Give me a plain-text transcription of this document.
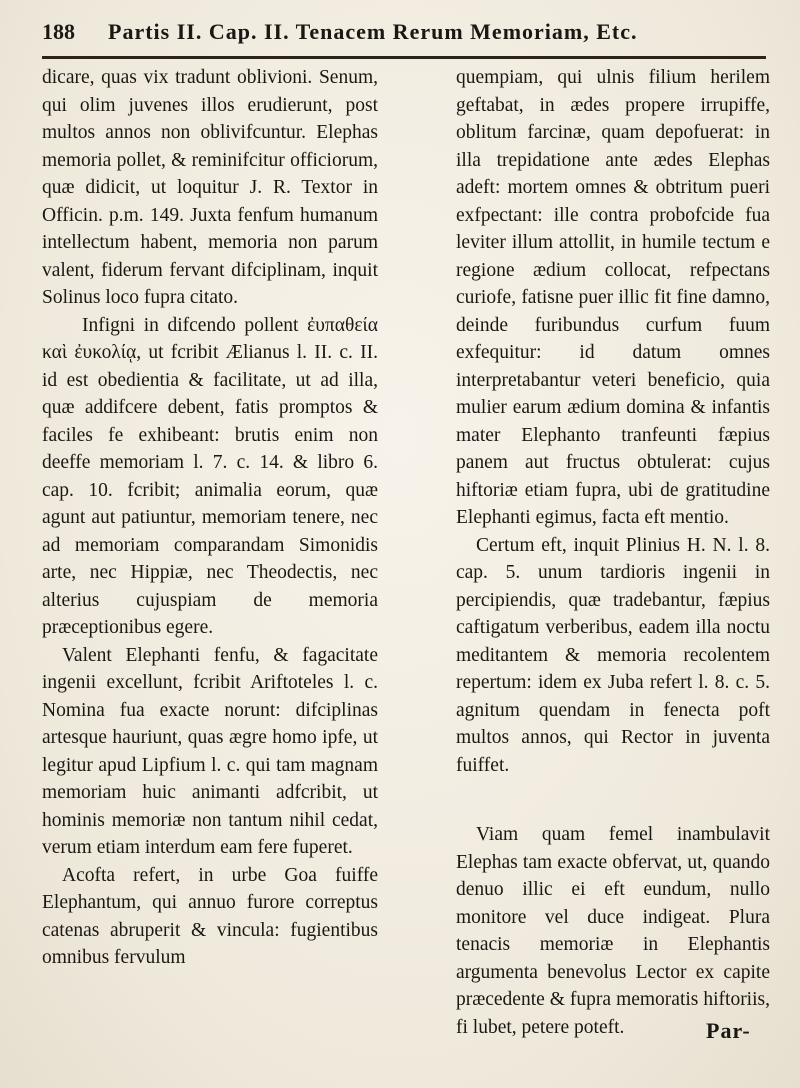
188	Partis II. Cap. II. Tenacem Rerum Memoriam, Etc.

dicare, quas vix tradunt oblivioni. Senum, qui olim juvenes illos erudierunt, post multos annos non oblivifcuntur. Elephas memoria pollet, & reminifcitur officiorum, quæ didicit, ut loquitur J. R. Textor in Officin. p.m. 149. Juxta fenfum humanum intellectum habent, memoria non parum valent, fiderum fervant difciplinam, inquit Solinus loco fupra citato.

Infigni in difcendo pollent ἐυπαθεία καὶ ἐυκολίᾳ, ut fcribit Ælianus l. II. c. II. id est obedientia & facilitate, ut ad illa, quæ addifcere debent, fatis promptos & faciles fe exhibeant: brutis enim non deeffe memoriam l. 7. c. 14. & libro 6. cap. 10. fcribit; animalia eorum, quæ agunt aut patiuntur, memoriam tenere, nec ad memoriam comparandam Simonidis arte, nec Hippiæ, nec Theodectis, nec alterius cujuspiam de memoria præceptionibus egere.

Valent Elephanti fenfu, & fagacitate ingenii excellunt, fcribit Ariftoteles l. c. Nomina fua exacte norunt: difciplinas artesque hauriunt, quas ægre homo ipfe, ut legitur apud Lipfium l. c. qui tam magnam memoriam huic animanti adfcribit, ut hominis memoriæ non tantum nihil cedat, verum etiam interdum eam fere fuperet.

Acofta refert, in urbe Goa fuiffe Elephantum, qui annuo furore correptus catenas abruperit & vincula: fugientibus omnibus fervulum

quempiam, qui ulnis filium herilem geftabat, in ædes propere irrupiffe, oblitum farcinæ, quam depofuerat: in illa trepidatione ante ædes Elephas adeft: mortem omnes & obtritum pueri exfpectant: ille contra probofcide fua leviter illum attollit, in humile tectum e regione ædium collocat, refpectans curiofe, fatisne puer illic fit fine damno, deinde furibundus curfum fuum exfequitur: id datum omnes interpretabantur veteri beneficio, quia mulier earum ædium domina & infantis mater Elephanto tranfeunti fæpius panem aut fructus obtulerat: cujus hiftoriæ etiam fupra, ubi de gratitudine Elephanti egimus, facta eft mentio.

Certum eft, inquit Plinius H. N. l. 8. cap. 5. unum tardioris ingenii in percipiendis, quæ tradebantur, fæpius caftigatum verberibus, eadem illa noctu meditantem & memoria recolentem repertum: idem ex Juba refert l. 8. c. 5. agnitum quendam in fenecta poft multos annos, qui Rector in juventa fuiffet.

Viam quam femel inambulavit Elephas tam exacte obfervat, ut, quando denuo illic ei eft eundum, nullo monitore vel duce indigeat. Plura tenacis memoriæ in Elephantis argumenta benevolus Lector ex capite præcedente & fupra memoratis hiftoriis, fi lubet, petere poteft.	Par-
